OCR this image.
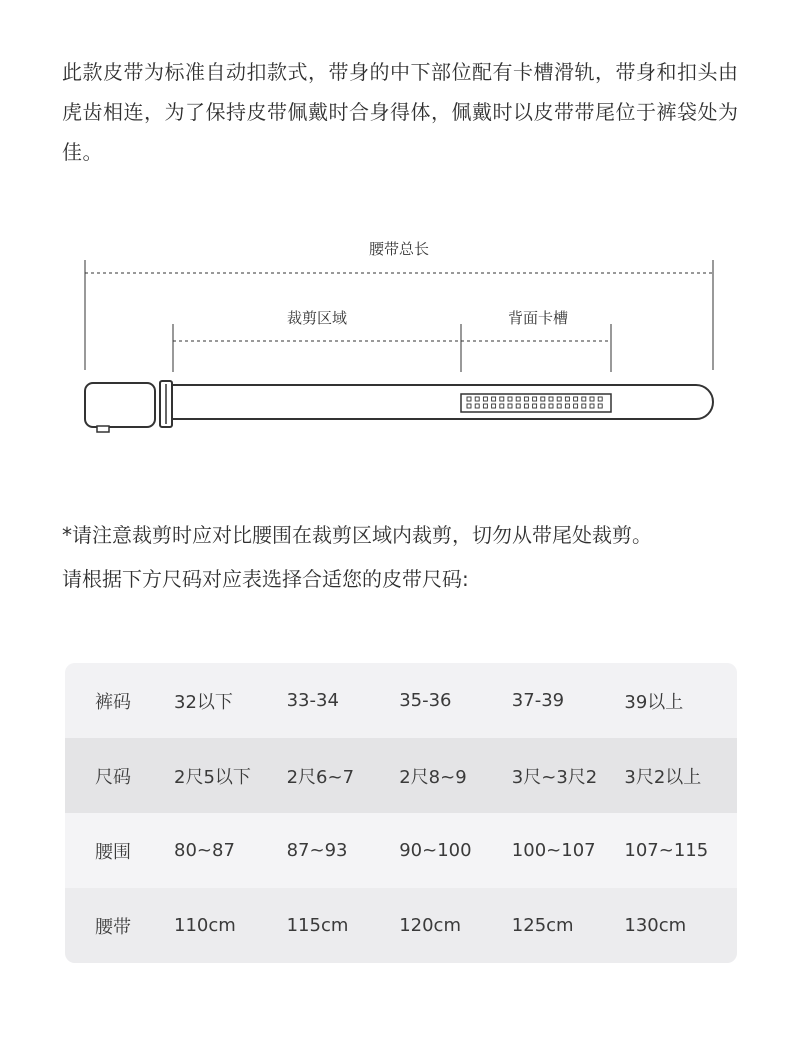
此款皮带为标准自动扣款式，带身的中下部位配有卡槽滑轨，带身和扣头由虎齿相连，为了保持皮带佩戴时合身得体，佩戴时以皮带带尾位于裤袋处为佳。

腰带总长
裁剪区域	背面卡槽

*请注意裁剪时应对比腰围在裁剪区域内裁剪，切勿从带尾处裁剪。

请根据下方尺码对应表选择合适您的皮带尺码:

裤码	32以下	33-34	35-36	37-39	39以上
尺码	2尺5以下	2尺6~7	2尺8~9	3尺~3尺2	3尺2以上
腰围	80~87	87~93	90~100	100~107	107~115
腰带	110cm	115cm	120cm	125cm	130cm
